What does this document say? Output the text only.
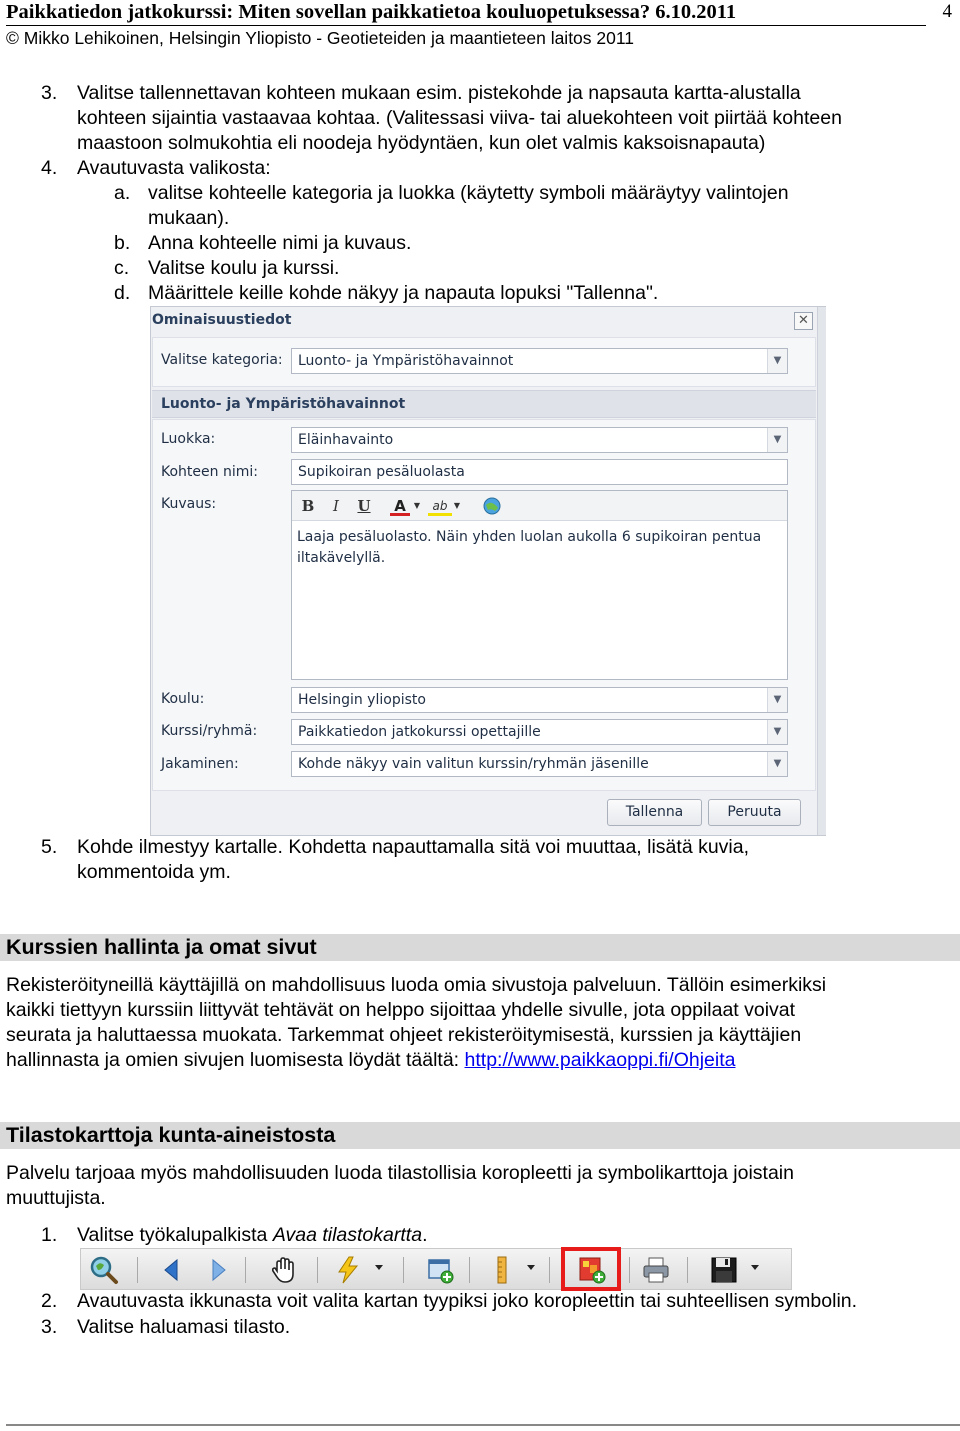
Paikkatiedon jatkokurssi: Miten sovellan paikkatietoa kouluopetuksessa? 6.10.2011	4
© Mikko Lehikoinen, Helsingin Yliopisto - Geotieteiden ja maantieteen laitos 2011
3. Valitse tallennettavan kohteen mukaan esim. pistekohde ja napsauta kartta-alustalla
kohteen sijaintia vastaavaa kohtaa. (Valitessasi viiva- tai aluekohteen voit piirtää kohteen
maastoon solmukohtia eli noodeja hyödyntäen, kun olet valmis kaksoisnapauta)
4. Avautuvasta valikosta:
a. valitse kohteelle kategoria ja luokka (käytetty symboli määräytyy valintojen
mukaan).
b. Anna kohteelle nimi ja kuvaus.
c. Valitse koulu ja kurssi.
d. Määrittele keille kohde näkyy ja napauta lopuksi "Tallenna".
Ominaisuustiedot	✕
Valitse kategoria:	Luonto- ja Ympäristöhavainnot	▼
Luonto- ja Ympäristöhavainnot
Luokka:	Eläinhavainto	▼
Kohteen nimi:	Supikoiran pesäluolasta
Kuvaus:	B	I	U A	▼	ab ▼
Laaja pesäluolasto. Näin yhden luolan aukolla 6 supikoiran pentua iltakävelyllä.
Koulu:	Helsingin yliopisto	▼
Kurssi/ryhmä:	Paikkatiedon jatkokurssi opettajille	▼
Jakaminen:	Kohde näkyy vain valitun kurssin/ryhmän jäsenille	▼
Tallenna	Peruuta
5. Kohde ilmestyy kartalle. Kohdetta napauttamalla sitä voi muuttaa, lisätä kuvia,
kommentoida ym.
Kurssien hallinta ja omat sivut
Rekisteröityneillä käyttäjillä on mahdollisuus luoda omia sivustoja palveluun. Tällöin esimerkiksi
kaikki tiettyyn kurssiin liittyvät tehtävät on helppo sijoittaa yhdelle sivulle, jota oppilaat voivat
seurata ja haluttaessa muokata. Tarkemmat ohjeet rekisteröitymisestä, kurssien ja käyttäjien
hallinnasta ja omien sivujen luomisesta löydät täältä: http://www.paikkaoppi.fi/Ohjeita
Tilastokarttoja kunta-aineistosta
Palvelu tarjoaa myös mahdollisuuden luoda tilastollisia koropleetti ja symbolikarttoja joistain
muuttujista.
1. Valitse työkalupalkista Avaa tilastokartta.
2. Avautuvasta ikkunasta voit valita kartan tyypiksi joko koropleettin tai suhteellisen symbolin.
3. Valitse haluamasi tilasto.
